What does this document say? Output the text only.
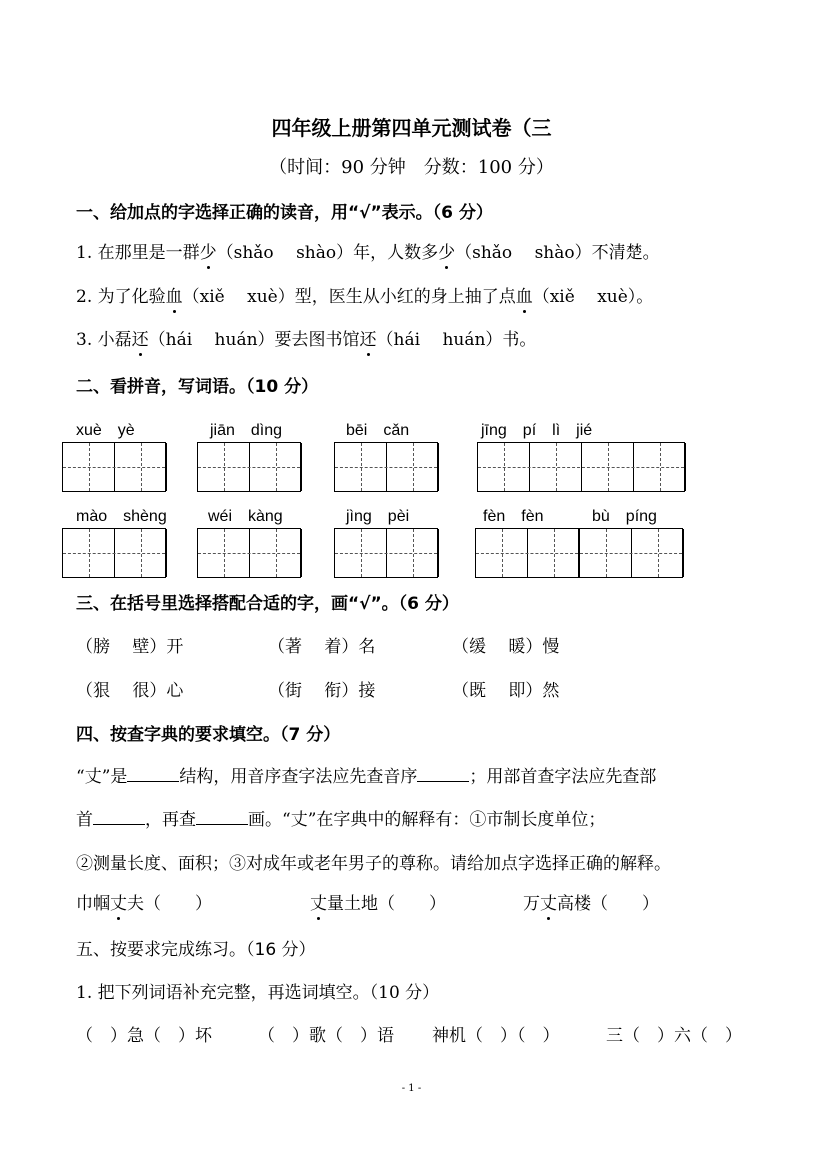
四年级上册第四单元测试卷（三
（时间：90 分钟　分数：100 分）
一、给加点的字选择正确的读音，用“√”表示。（6 分）
1. 在那里是一群少（shǎo　 shào）年，人数多少（shǎo　 shào）不清楚。
2. 为了化验血（xiě　 xuè）型，医生从小红的身上抽了点血（xiě　 xuè）。
3. 小磊还（hái　 huán）要去图书馆还（hái　 huán）书。
二、看拼音，写词语。（10 分）
xuè　yè	jiān　dìng	bēi　cǎn	jīng　pí　lì　jié
mào　shèng	wéi　kàng	jìng　pèi	fèn　fèn	bù　píng
三、在括号里选择搭配合适的字，画“√”。（6 分）
（膀　 壁）开	（著　 着）名	（缓　 暖）慢
（狠　 很）心	（街　 衔）接	（既　 即）然
四、按查字典的要求填空。（7 分）
“丈”是	结构，用音序查字法应先查音序	；用部首查字法应先查部
首	，再查	画。“丈”在字典中的解释有：①市制长度单位；
②测量长度、面积；③对成年或老年男子的尊称。请给加点字选择正确的解释。
巾帼丈夫（　　）	丈量土地（　　）	万丈高楼（　　）
五、按要求完成练习。（16 分）
1. 把下列词语补充完整，再选词填空。（10 分）
（　）急（　）坏	（　）歌（　）语 神机（　）（　）	三（　）六（　）
- 1 -
